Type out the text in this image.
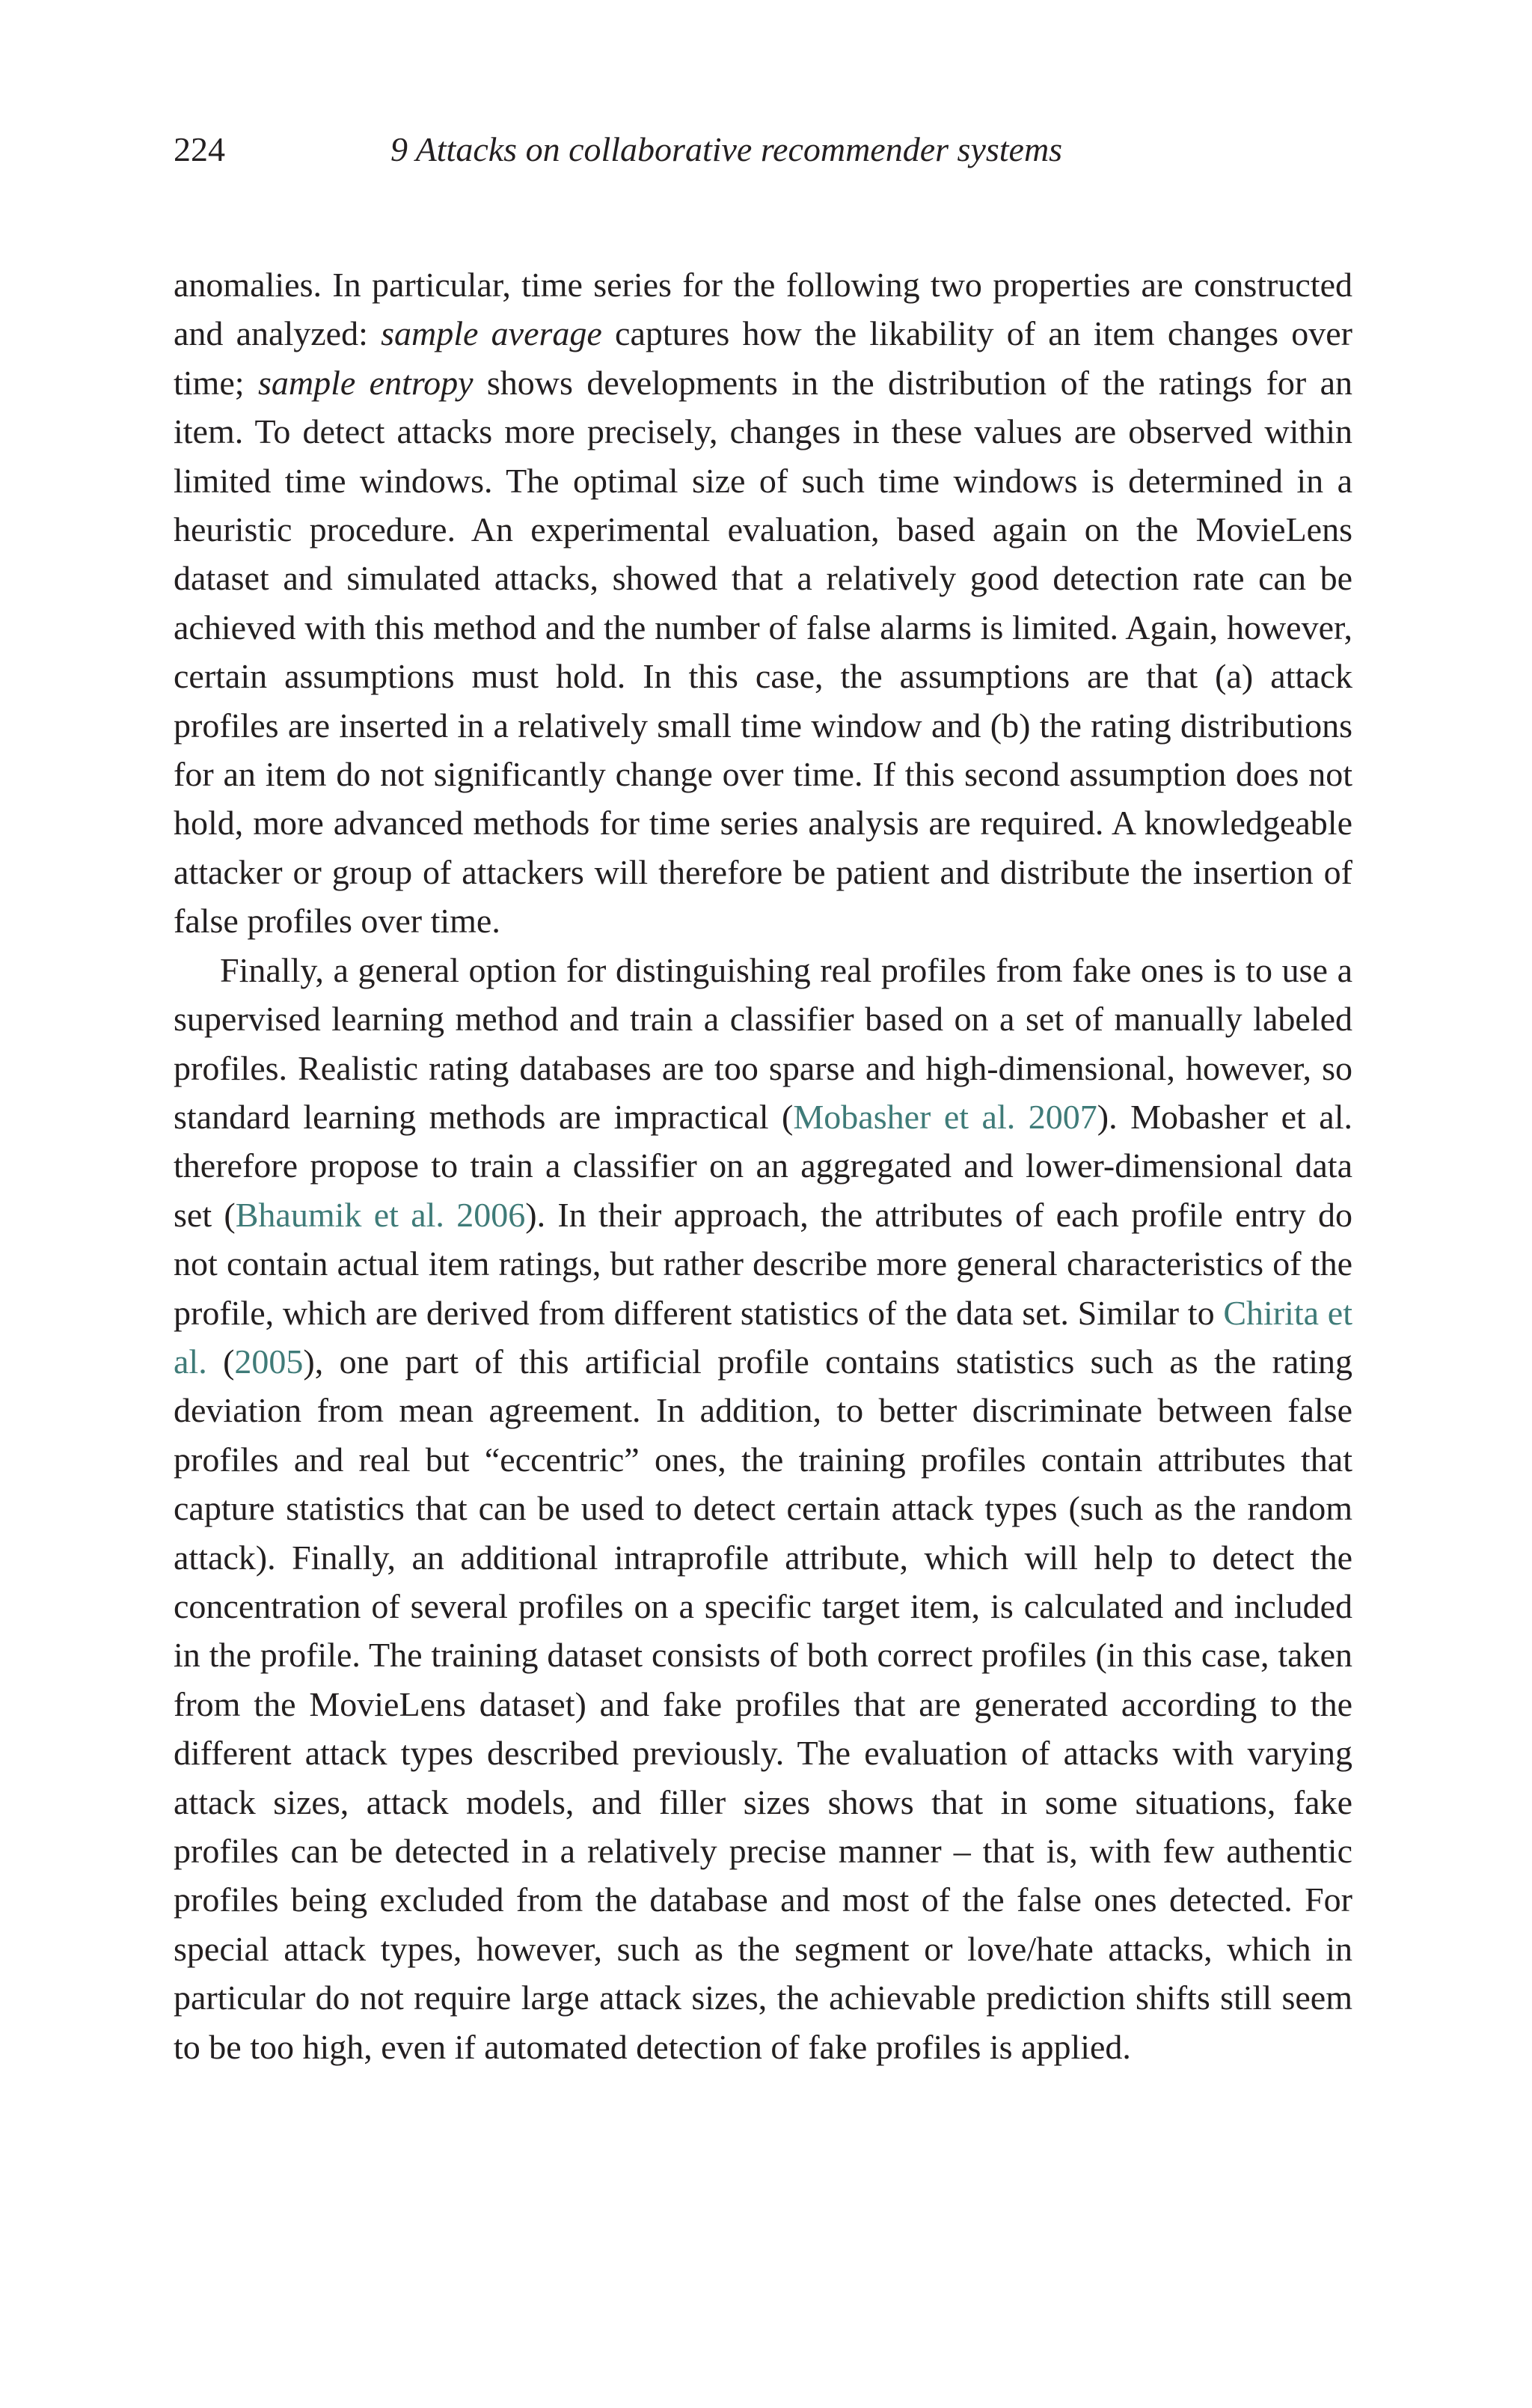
224	9 Attacks on collaborative recommender systems

anomalies. In particular, time series for the following two properties are constructed and analyzed: sample average captures how the likability of an item changes over time; sample entropy shows developments in the distribution of the ratings for an item. To detect attacks more precisely, changes in these values are observed within limited time windows. The optimal size of such time windows is determined in a heuristic procedure. An experimental evaluation, based again on the MovieLens dataset and simulated attacks, showed that a relatively good detection rate can be achieved with this method and the number of false alarms is limited. Again, however, certain assumptions must hold. In this case, the assumptions are that (a) attack profiles are inserted in a relatively small time window and (b) the rating distributions for an item do not significantly change over time. If this second assumption does not hold, more advanced methods for time series analysis are required. A knowledgeable attacker or group of attackers will therefore be patient and distribute the insertion of false profiles over time.

Finally, a general option for distinguishing real profiles from fake ones is to use a supervised learning method and train a classifier based on a set of manually labeled profiles. Realistic rating databases are too sparse and high-dimensional, however, so standard learning methods are impractical (Mobasher et al. 2007). Mobasher et al. therefore propose to train a classifier on an aggregated and lower-dimensional data set (Bhaumik et al. 2006). In their approach, the attributes of each profile entry do not contain actual item ratings, but rather describe more general characteristics of the profile, which are derived from different statistics of the data set. Similar to Chirita et al. (2005), one part of this artificial profile contains statistics such as the rating deviation from mean agreement. In addition, to better discriminate between false profiles and real but “eccentric” ones, the training profiles contain attributes that capture statistics that can be used to detect certain attack types (such as the random attack). Finally, an additional intraprofile attribute, which will help to detect the concentration of several profiles on a specific target item, is calculated and included in the profile. The training dataset consists of both correct profiles (in this case, taken from the MovieLens dataset) and fake profiles that are generated according to the different attack types described previously. The evaluation of attacks with varying attack sizes, attack models, and filler sizes shows that in some situations, fake profiles can be detected in a relatively precise manner – that is, with few authentic profiles being excluded from the database and most of the false ones detected. For special attack types, however, such as the segment or love/hate attacks, which in particular do not require large attack sizes, the achievable prediction shifts still seem to be too high, even if automated detection of fake profiles is applied.
